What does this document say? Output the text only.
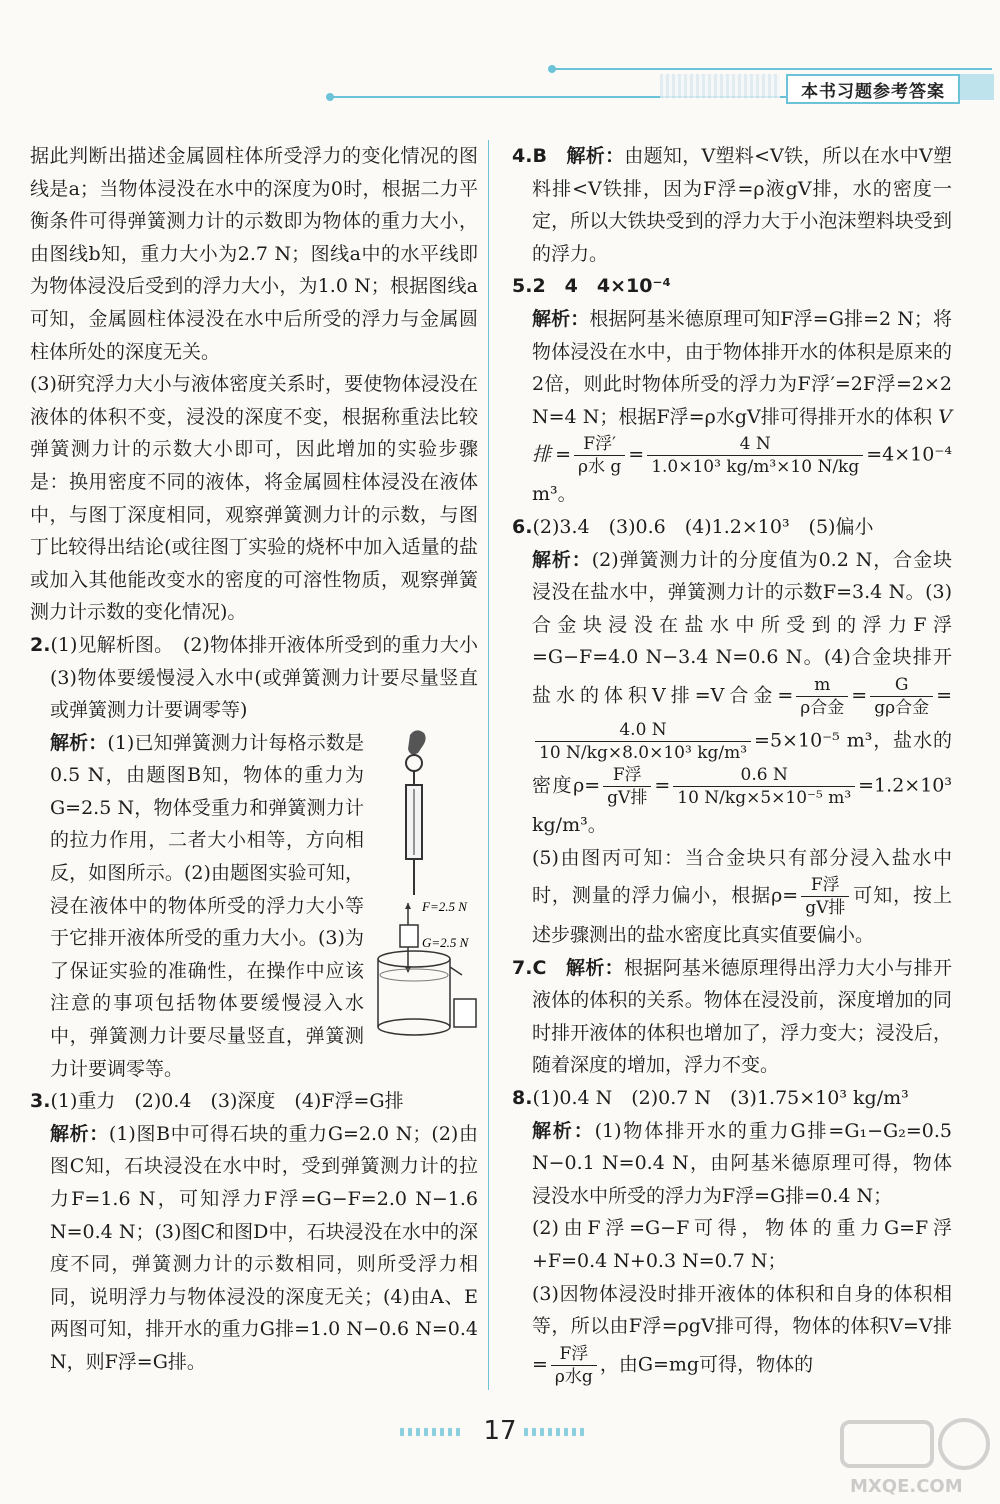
本书习题参考答案

据此判断出描述金属圆柱体所受浮力的变化情况的图线是a；当物体浸没在水中的深度为0时，根据二力平衡条件可得弹簧测力计的示数即为物体的重力大小，由图线b知，重力大小为2.7 N；图线a中的水平线即为物体浸没后受到的浮力大小，为1.0 N；根据图线a可知，金属圆柱体浸没在水中后所受的浮力与金属圆柱体所处的深度无关。

(3)研究浮力大小与液体密度关系时，要使物体浸没在液体的体积不变，浸没的深度不变，根据称重法比较弹簧测力计的示数大小即可，因此增加的实验步骤是：换用密度不同的液体，将金属圆柱体浸没在液体中，与图丁深度相同，观察弹簧测力计的示数，与图丁比较得出结论(或往图丁实验的烧杯中加入适量的盐或加入其他能改变水的密度的可溶性物质，观察弹簧测力计示数的变化情况)。

2.(1)见解析图。　(2)物体排开液体所受到的重力大小　(3)物体要缓慢浸入水中(或弹簧测力计要尽量竖直或弹簧测力计要调零等)

F=2.5 N
G=2.5 N
解析：(1)已知弹簧测力计每格示数是0.5 N，由题图B知，物体的重力为G=2.5 N，物体受重力和弹簧测力计的拉力作用，二者大小相等，方向相反，如图所示。(2)由题图实验可知，浸在液体中的物体所受的浮力大小等于它排开液体所受的重力大小。(3)为了保证实验的准确性，在操作中应该注意的事项包括物体要缓慢浸入水中，弹簧测力计要尽量竖直，弹簧测力计要调零等。

3.(1)重力　(2)0.4　(3)深度　(4)F浮=G排

解析：(1)图B中可得石块的重力G=2.0 N；(2)由图C知，石块浸没在水中时，受到弹簧测力计的拉力F=1.6 N，可知浮力F浮=G−F=2.0 N−1.6 N=0.4 N；(3)图C和图D中，石块浸没在水中的深度不同，弹簧测力计的示数相同，则所受浮力相同，说明浮力与物体浸没的深度无关；(4)由A、E两图可知，排开水的重力G排=1.0 N−0.6 N=0.4 N，则F浮=G排。

4.B　 解析：由题知，V塑料<V铁，所以在水中V塑料排<V铁排，因为F浮=ρ液gV排，水的密度一定，所以大铁块受到的浮力大于小泡沫塑料块受到的浮力。

5.2　4　4×10⁻⁴

解析：根据阿基米德原理可知F浮=G排=2 N；将物体浸没在水中，由于物体排开水的体积是原来的2倍，则此时物体所受的浮力为F浮′=2F浮=2×2 N=4 N；根据F浮=ρ水gV排可得排开水的体积 V排= $\frac{\text{F浮′}}{\text{ρ水 g}} = \frac{4 N}{\text{1.0×10³ kg/m³×10 N/kg}} =4\times 10^{-4}$ m³。

6.(2)3.4　(3)0.6　(4)1.2×10³　(5)偏小

解析：(2)弹簧测力计的分度值为0.2 N，合金块浸没在盐水中，弹簧测力计的示数F=3.4 N。(3)合金块浸没在盐水中所受到的浮力F浮=G−F=4.0 N−3.4 N=0.6 N。(4)合金块排开盐水的体积V排=V合金= $\frac{m}{\text{ρ合金}} = \frac{G}{\text{gρ合金}}$ =
$\frac{4.0 N}{\text{10 N/kg×8.0×10³ kg/m³}} =5\times 10^{-5}$ m³，盐水的密度$\rho= \frac{\text{F浮}}{\text{gV排}} = \frac{0.6 N}{\text{10 N/kg×5×10⁻⁵ m³}} =1.2\times 10^3$ kg/m³。

(5)由图丙可知：当合金块只有部分浸入盐水中时，测量的浮力偏小，根据$\rho= \frac{\text{F浮}}{\text{gV排}}$ 可知，按上述步骤测出的盐水密度比真实值要偏小。

7.C　 解析：根据阿基米德原理得出浮力大小与排开液体的体积的关系。物体在浸没前，深度增加的同时排开液体的体积也增加了，浮力变大；浸没后，随着深度的增加，浮力不变。

8.(1)0.4 N　(2)0.7 N　(3)1.75×10³ kg/m³

解析：(1)物体排开水的重力G排=G₁−G₂=0.5 N−0.1 N=0.4 N，由阿基米德原理可得，物体浸没水中所受的浮力为F浮=G排=0.4 N；

(2)由F浮=G−F可得，物体的重力G=F浮+F=0.4 N+0.3 N=0.7 N；

(3)因物体浸没时排开液体的体积和自身的体积相等，所以由F浮=ρgV排可得，物体的体积V=V排= $\frac{\text{F浮}}{\text{ρ水g}}$ ，由G=mg可得，物体的

17
MXQE.COM
